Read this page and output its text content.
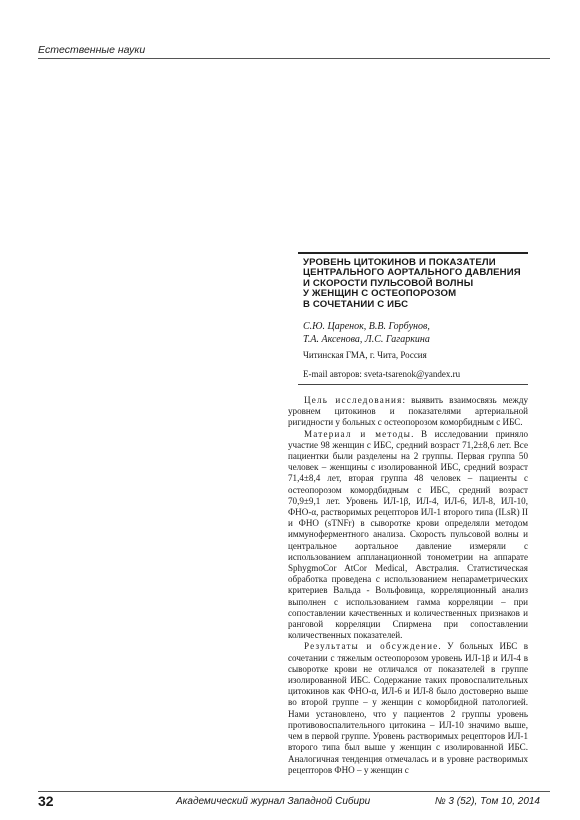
Естественные науки
УРОВЕНЬ ЦИТОКИНОВ И ПОКАЗАТЕЛИ
ЦЕНТРАЛЬНОГО АОРТАЛЬНОГО ДАВЛЕНИЯ
И СКОРОСТИ ПУЛЬСОВОЙ ВОЛНЫ
У ЖЕНЩИН С ОСТЕОПОРОЗОМ
В СОЧЕТАНИИ С ИБС
С.Ю. Царенок, В.В. Горбунов,
Т.А. Аксенова, Л.С. Гагаркина
Читинская ГМА, г. Чита, Россия
E-mail авторов: sveta-tsarenok@yandex.ru

Цель исследования: выявить взаимосвязь между уровнем цитокинов и показателями артериальной ригидности у больных с остеопорозом коморбидным с ИБС.

Материал и методы. В исследовании приняло участие 98 женщин с ИБС, средний возраст 71,2±8,6 лет. Все пациентки были разделены на 2 группы. Первая группа 50 человек – женщины с изолированной ИБС, средний возраст 71,4±8,4 лет, вторая группа 48 человек – пациенты с остеопорозом комордбидным с ИБС, средний возраст 70,9±9,1 лет. Уровень ИЛ-1β, ИЛ-4, ИЛ-6, ИЛ-8, ИЛ-10, ФНО-α, растворимых рецепторов ИЛ-1 второго типа (ILsR) II и ФНО (sTNFr) в сыворотке крови определяли методом иммуноферментного анализа. Скорость пульсовой волны и центральное аортальное давление измеряли с использованием аппланационной тонометрии на аппарате SphygmoCor AtCor Medical, Австралия. Статистическая обработка проведена с использованием непараметрических критериев Вальда - Вольфовица, корреляционный анализ выполнен с использованием гамма корреляции – при сопоставлении качественных и количественных признаков и ранговой корреляции Спирмена при сопоставлении количественных показателей.

Результаты и обсуждение. У больных ИБС в сочетании с тяжелым остеопорозом уровень ИЛ-1β и ИЛ-4 в сыворотке крови не отличался от показателей в группе изолированной ИБС. Содержание таких провоспалительных цитокинов как ФНО-α, ИЛ-6 и ИЛ-8 было достоверно выше во второй группе – у женщин с коморбидной патологией. Нами установлено, что у пациентов 2 группы уровень противовоспалительного цитокина – ИЛ-10 значимо выше, чем в первой группе. Уровень растворимых рецепторов ИЛ-1 второго типа был выше у женщин с изолированной ИБС. Аналогичная тенденция отмечалась и в уровне растворимых рецепторов ФНО – у женщин с

32	Академический журнал Западной Сибири	№ 3 (52), Том 10, 2014
